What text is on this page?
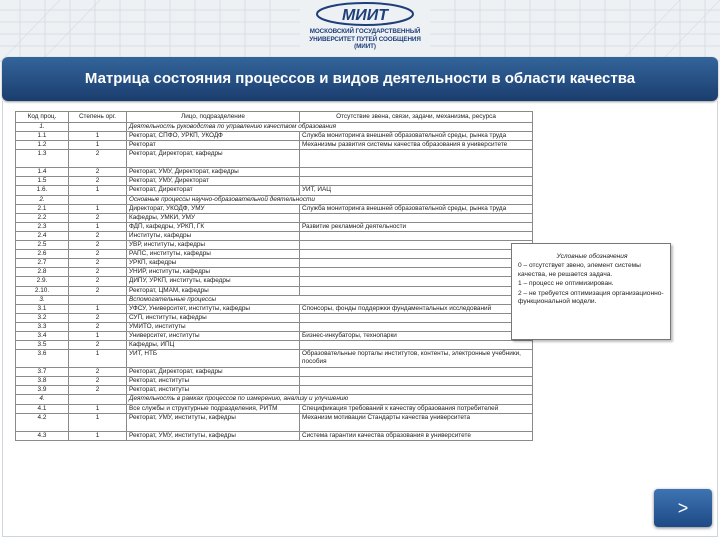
МИИТ
МОСКОВСКИЙ ГОСУДАРСТВЕННЫЙ
УНИВЕРСИТЕТ ПУТЕЙ СООБЩЕНИЯ
(МИИТ)
Матрица состояния процессов и видов деятельности в области качества
Код проц.	Степень орг.	Лицо, подразделение	Отсутствие звена, связи, задачи, механизма, ресурса
1.		Деятельность руководства по управлению качеством образования	
1.1	1	Ректорат, СПФО, УРКП, УКОДФ	Служба мониторинга внешней образовательной среды, рынка труда
1.2	1	Ректорат	Механизмы развития системы качества образования в университете
1.3	2	Ректорат, Директорат, кафедры	
1.4	2	Ректорат, УМУ, Директорат, кафедры	
1.5	2	Ректорат, УМУ, Директорат	
1.6.	1	Ректорат, Директорат	УИТ, ИАЦ
2.		Основные процессы научно-образовательной деятельности	
2.1	1	Директорат, УКОДФ, УМУ	Служба мониторинга внешней образовательной среды, рынка труда
2.2	2	Кафедры, УМКИ, УМУ	
2.3	1	ФДП, кафедры, УРКП, ГК	Развитие рекламной деятельности
2.4	2	Институты, кафедры	
2.5	2	УВР, институты, кафедры	
2.6	2	РАПС, институты, кафедры	
2.7	2	УРКП, кафедры	
2.8	2	УНИР, институты, кафедры	
2.9.	2	ДИПУ, УРКП, институты, кафедры	
2.10.	2	Ректорат, ЦМАМ, кафедры	
3.		Вспомогательные процессы	
3.1	1	УФСУ, Университет, институты, кафедры	Спонсоры, фонды поддержки фундаментальных исследований
3.2	2	СУП, институты, кафедры	
3.3	2	УМИТО, институты	
3.4	1	Университет, институты	Бизнес-инкубаторы, технопарки
3.5	2	Кафедры, ИПЦ	
3.6	1	УИТ, НТБ	Образовательные порталы институтов, контенты, электронные учебники, пособия
3.7	2	Ректорат, Директорат, кафедры	
3.8	2	Ректорат, институты	
3.9	2	Ректорат, институты	
4.		Деятельность в рамках процессов по измерению, анализу и улучшению	
4.1	1	Все службы и структурные подразделения, РИТМ	Спецификация требований к качеству образования потребителей
4.2	1	Ректорат, УМУ, институты, кафедры	Механизм мотивации Стандарты качества университета
4.3	1	Ректорат, УМУ, институты, кафедры	Система гарантии качества образования в университете
Условные обозначения
0 – отсутствует звено, элемент системы качества, не решается задача.
1 – процесс не оптимизирован.
2 – не требуется оптимизация организационно-функциональной модели.
>
